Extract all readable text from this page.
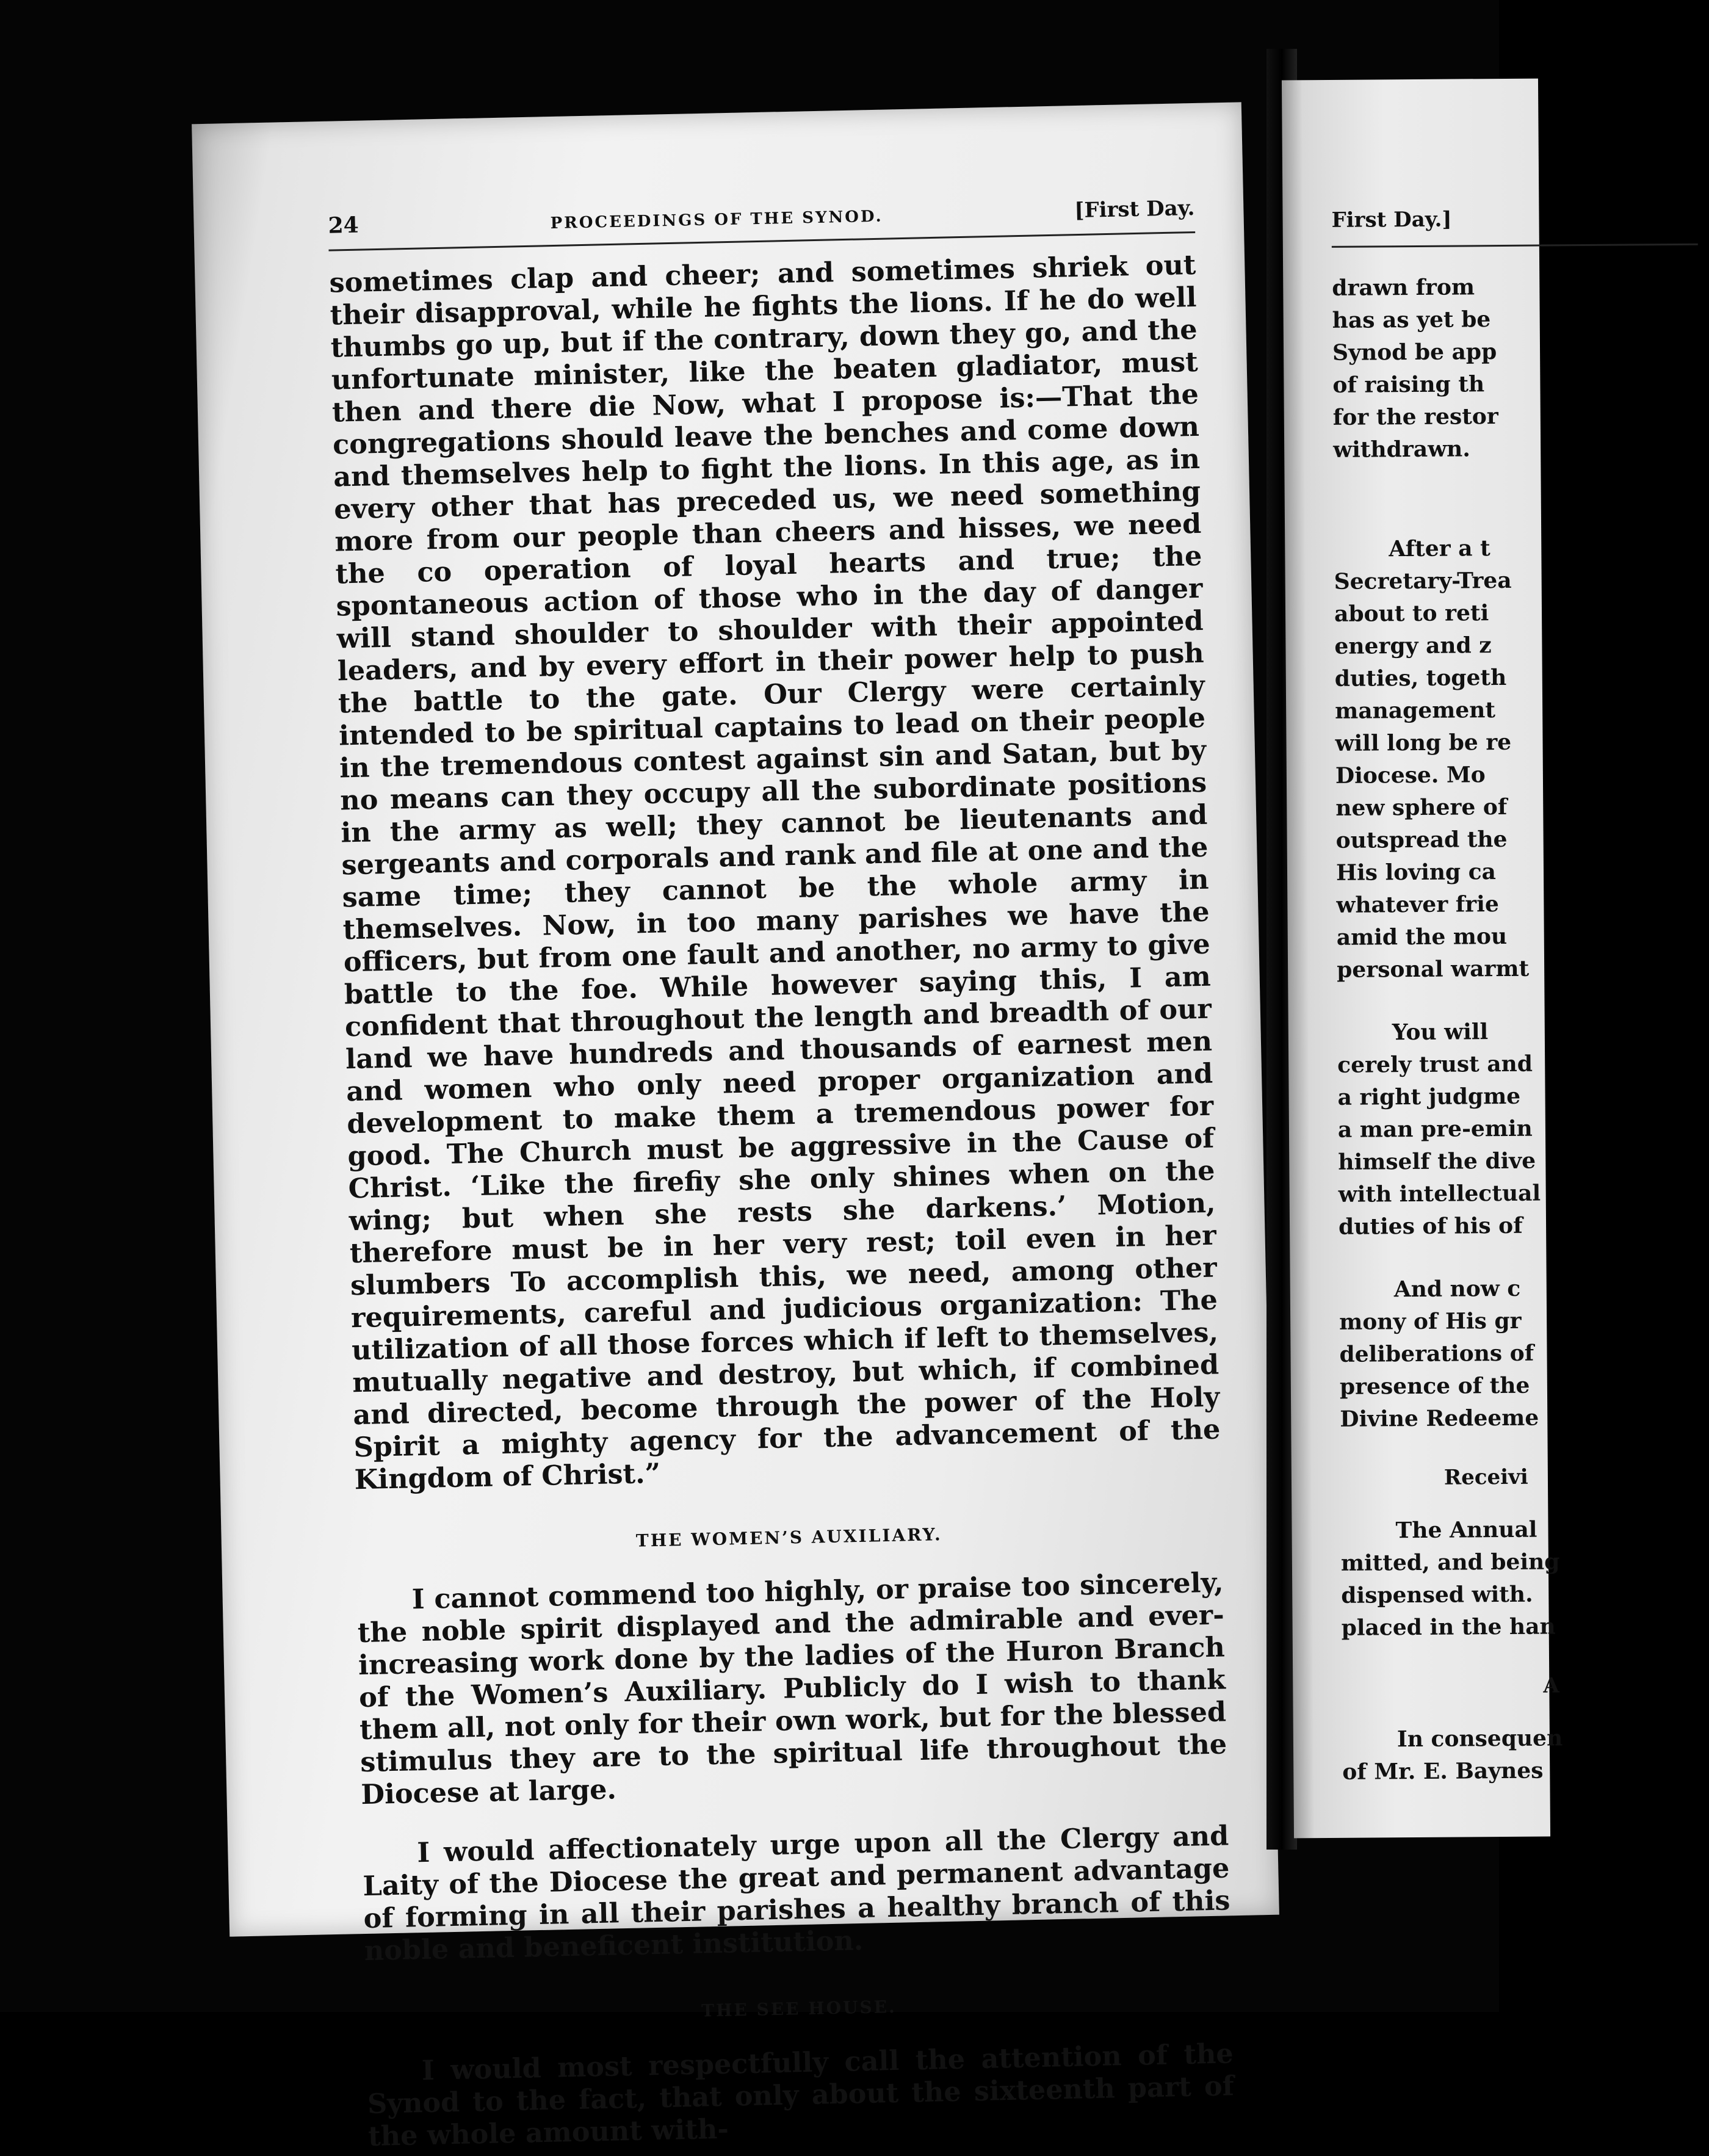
24	PROCEEDINGS OF THE SYNOD.	[First Day.

sometimes clap and cheer; and sometimes shriek out their disapproval, while he fights the lions. If he do well thumbs go up, but if the contrary, down they go, and the unfortunate minister, like the beaten gladiator, must then and there die Now, what I propose is:—That the congregations should leave the benches and come down and themselves help to fight the lions. In this age, as in every other that has preceded us, we need something more from our people than cheers and hisses, we need the co operation of loyal hearts and true; the spontaneous action of those who in the day of danger will stand shoulder to shoulder with their appointed leaders, and by every effort in their power help to push the battle to the gate. Our Clergy were certainly intended to be spiritual captains to lead on their people in the tremendous contest against sin and Satan, but by no means can they occupy all the subordinate positions in the army as well; they cannot be lieutenants and sergeants and corporals and rank and file at one and the same time; they cannot be the whole army in themselves. Now, in too many parishes we have the officers, but from one fault and another, no army to give battle to the foe. While however saying this, I am confident that throughout the length and breadth of our land we have hundreds and thousands of earnest men and women who only need proper organization and development to make them a tremendous power for good. The Church must be aggressive in the Cause of Christ. ‘Like the firefiy she only shines when on the wing; but when she rests she darkens.’ Motion, therefore must be in her very rest; toil even in her slumbers To accomplish this, we need, among other requirements, careful and judicious organization: The utilization of all those forces which if left to themselves, mutually negative and destroy, but which, if combined and directed, become through the power of the Holy Spirit a mighty agency for the advancement of the Kingdom of Christ.”

THE WOMEN’S AUXILIARY.

I cannot commend too highly, or praise too sincerely, the noble spirit displayed and the admirable and ever-increasing work done by the ladies of the Huron Branch of the Women’s Auxiliary. Publicly do I wish to thank them all, not only for their own work, but for the blessed stimulus they are to the spiritual life throughout the Diocese at large.

I would affectionately urge upon all the Clergy and Laity of the Diocese the great and permanent advantage of forming in all their parishes a healthy branch of this noble and beneficent institution.

THE SEE HOUSE.

I would most respectfully call the attention of the Synod to the fact, that only about the sixteenth part of the whole amount with-

First Day.]
drawn from
has as yet be
Synod be app
of raising th
for the restor
withdrawn.
After a t
Secretary-Trea
about to reti
energy and z
duties, togeth
management
will long be re
Diocese. Mo
new sphere of
outspread the
His loving ca
whatever frie
amid the mou
personal warmt
You will
cerely trust and
a right judgme
a man pre-emin
himself the dive
with intellectual
duties of his of
And now c
mony of His gr
deliberations of
presence of the
Divine Redeeme
Receivi
The Annual
mitted, and being
dispensed with.
placed in the han
A
In consequen
of Mr. E. Baynes
